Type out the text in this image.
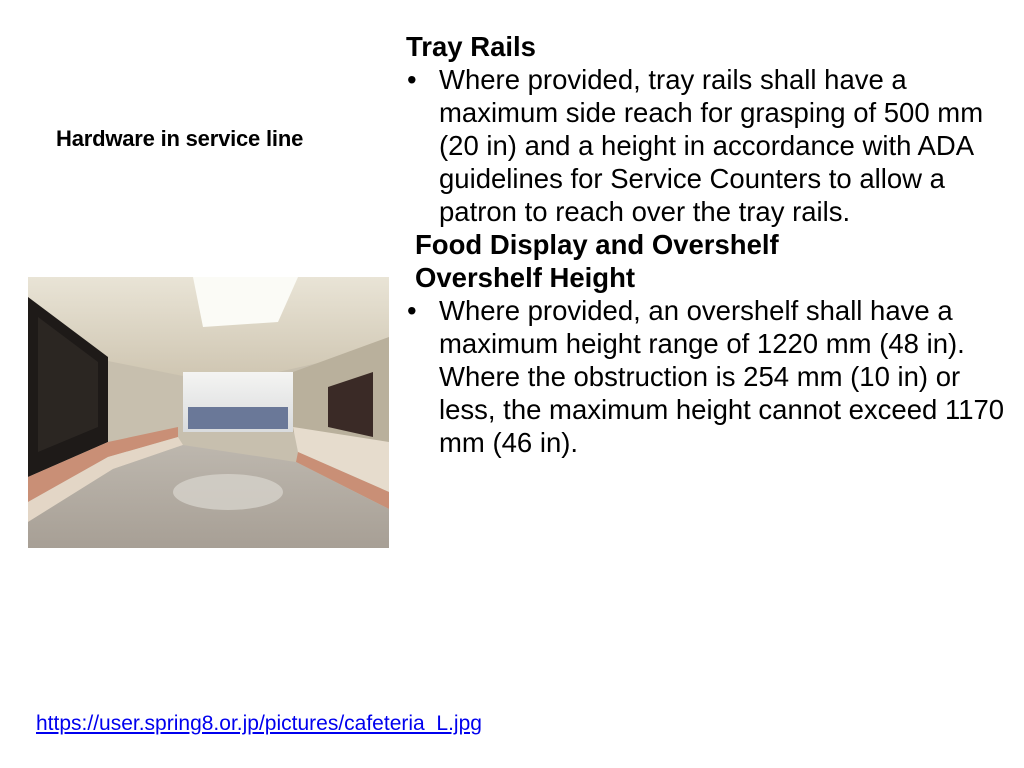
Hardware in service line

Tray Rails

• Where provided, tray rails shall have a maximum side reach for grasping of 500 mm (20 in) and a height in accordance with ADA guidelines for Service Counters to allow a patron to reach over the tray rails.

Food Display and Overshelf

Overshelf Height

• Where provided, an overshelf shall have a maximum height range of 1220 mm (48 in). Where the obstruction is 254 mm (10 in) or less, the maximum height cannot exceed 1170 mm (46 in).

https://user.spring8.or.jp/pictures/cafeteria_L.jpg
